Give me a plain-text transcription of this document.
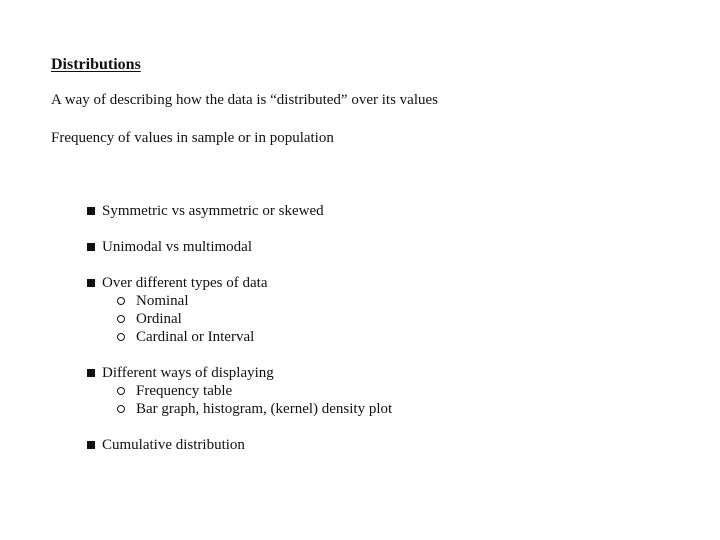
Distributions
A way of describing how the data is “distributed” over its values
Frequency of values in sample or in population
Symmetric vs asymmetric or skewed
Unimodal vs multimodal
Over different types of data
Nominal
Ordinal
Cardinal or Interval
Different ways of displaying
Frequency table
Bar graph, histogram, (kernel) density plot
Cumulative distribution
